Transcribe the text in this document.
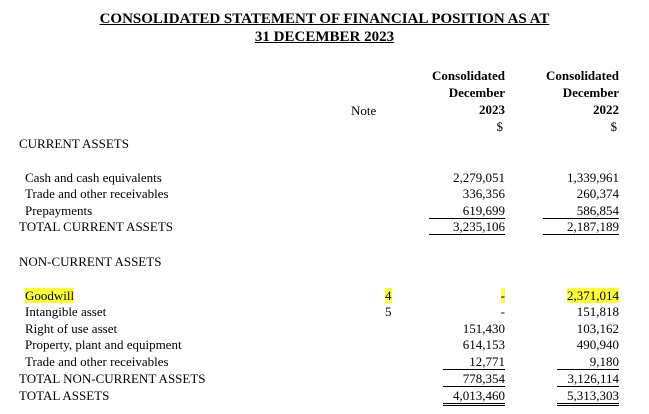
CONSOLIDATED STATEMENT OF FINANCIAL POSITION AS AT
31 DECEMBER 2023
Note
Consolidated
December
2023
$
Consolidated
December
2022
$
CURRENT ASSETS
Cash and cash equivalents	2,279,051	1,339,961
Trade and other receivables	336,356	260,374
Prepayments	619,699	586,854
TOTAL CURRENT ASSETS	3,235,106	2,187,189
NON-CURRENT ASSETS
Goodwill	4	-	2,371,014
Intangible asset	5	-	151,818
Right of use asset	151,430	103,162
Property, plant and equipment	614,153	490,940
Trade and other receivables	12,771	9,180
TOTAL NON-CURRENT ASSETS	778,354	3,126,114
TOTAL ASSETS	4,013,460	5,313,303
